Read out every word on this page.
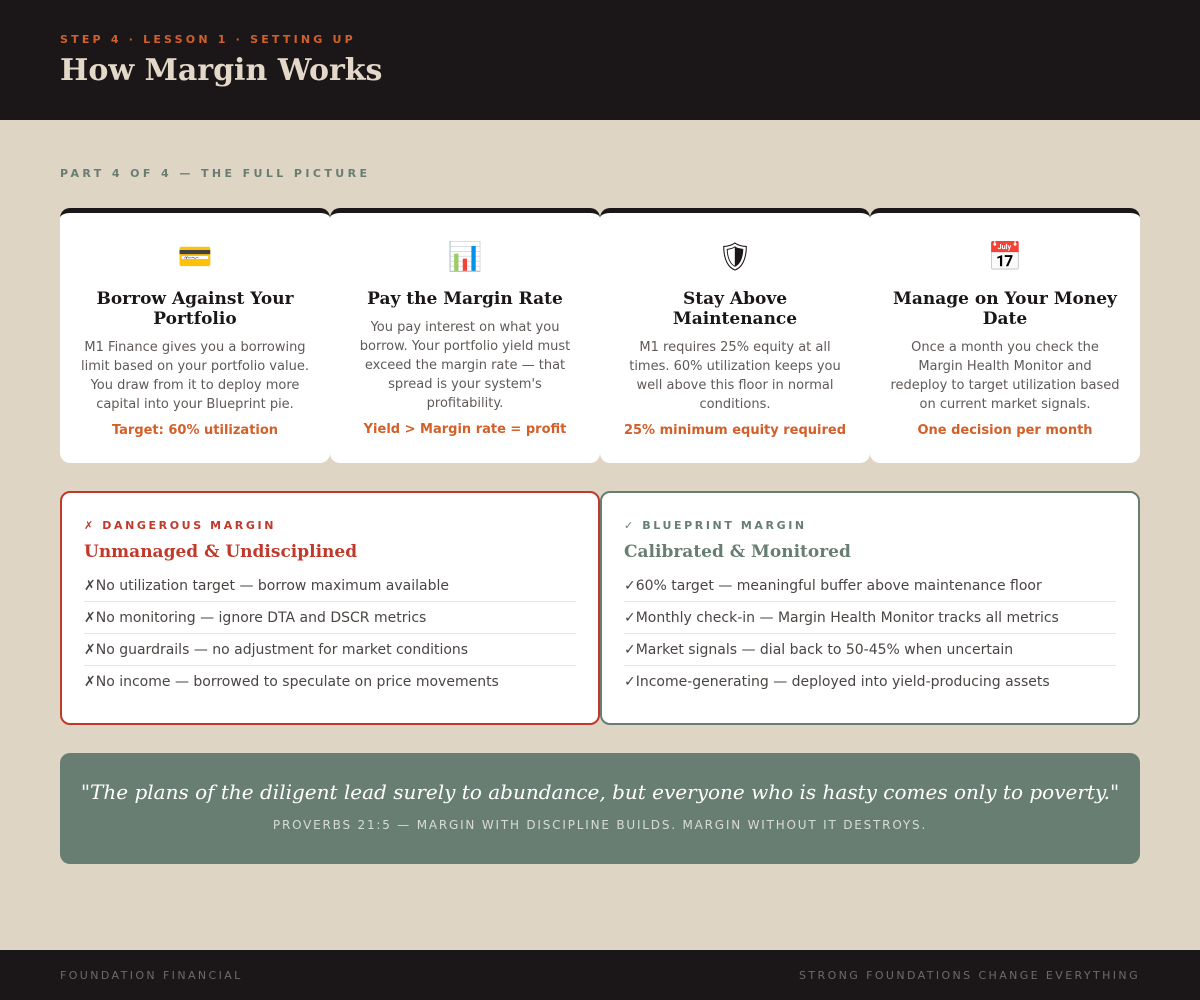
STEP 4 · LESSON 1 · SETTING UP
How Margin Works
PART 4 OF 4 — THE FULL PICTURE
💳
Borrow Against Your Portfolio
M1 Finance gives you a borrowing limit based on your portfolio value. You draw from it to deploy more capital into your Blueprint pie.
Target: 60% utilization
📊
Pay the Margin Rate
You pay interest on what you borrow. Your portfolio yield must exceed the margin rate — that spread is your system's profitability.
Yield > Margin rate = profit
🛡
Stay Above Maintenance
M1 requires 25% equity at all times. 60% utilization keeps you well above this floor in normal conditions.
25% minimum equity required
📅
Manage on Your Money Date
Once a month you check the Margin Health Monitor and redeploy to target utilization based on current market signals.
One decision per month
✗ DANGEROUS MARGIN
Unmanaged & Undisciplined
✗No utilization target — borrow maximum available
✗No monitoring — ignore DTA and DSCR metrics
✗No guardrails — no adjustment for market conditions
✗No income — borrowed to speculate on price movements
✓ BLUEPRINT MARGIN
Calibrated & Monitored
✓60% target — meaningful buffer above maintenance floor
✓Monthly check-in — Margin Health Monitor tracks all metrics
✓Market signals — dial back to 50-45% when uncertain
✓Income-generating — deployed into yield-producing assets
"The plans of the diligent lead surely to abundance, but everyone who is hasty comes only to poverty."
PROVERBS 21:5 — MARGIN WITH DISCIPLINE BUILDS. MARGIN WITHOUT IT DESTROYS.
FOUNDATION FINANCIAL	STRONG FOUNDATIONS CHANGE EVERYTHING
